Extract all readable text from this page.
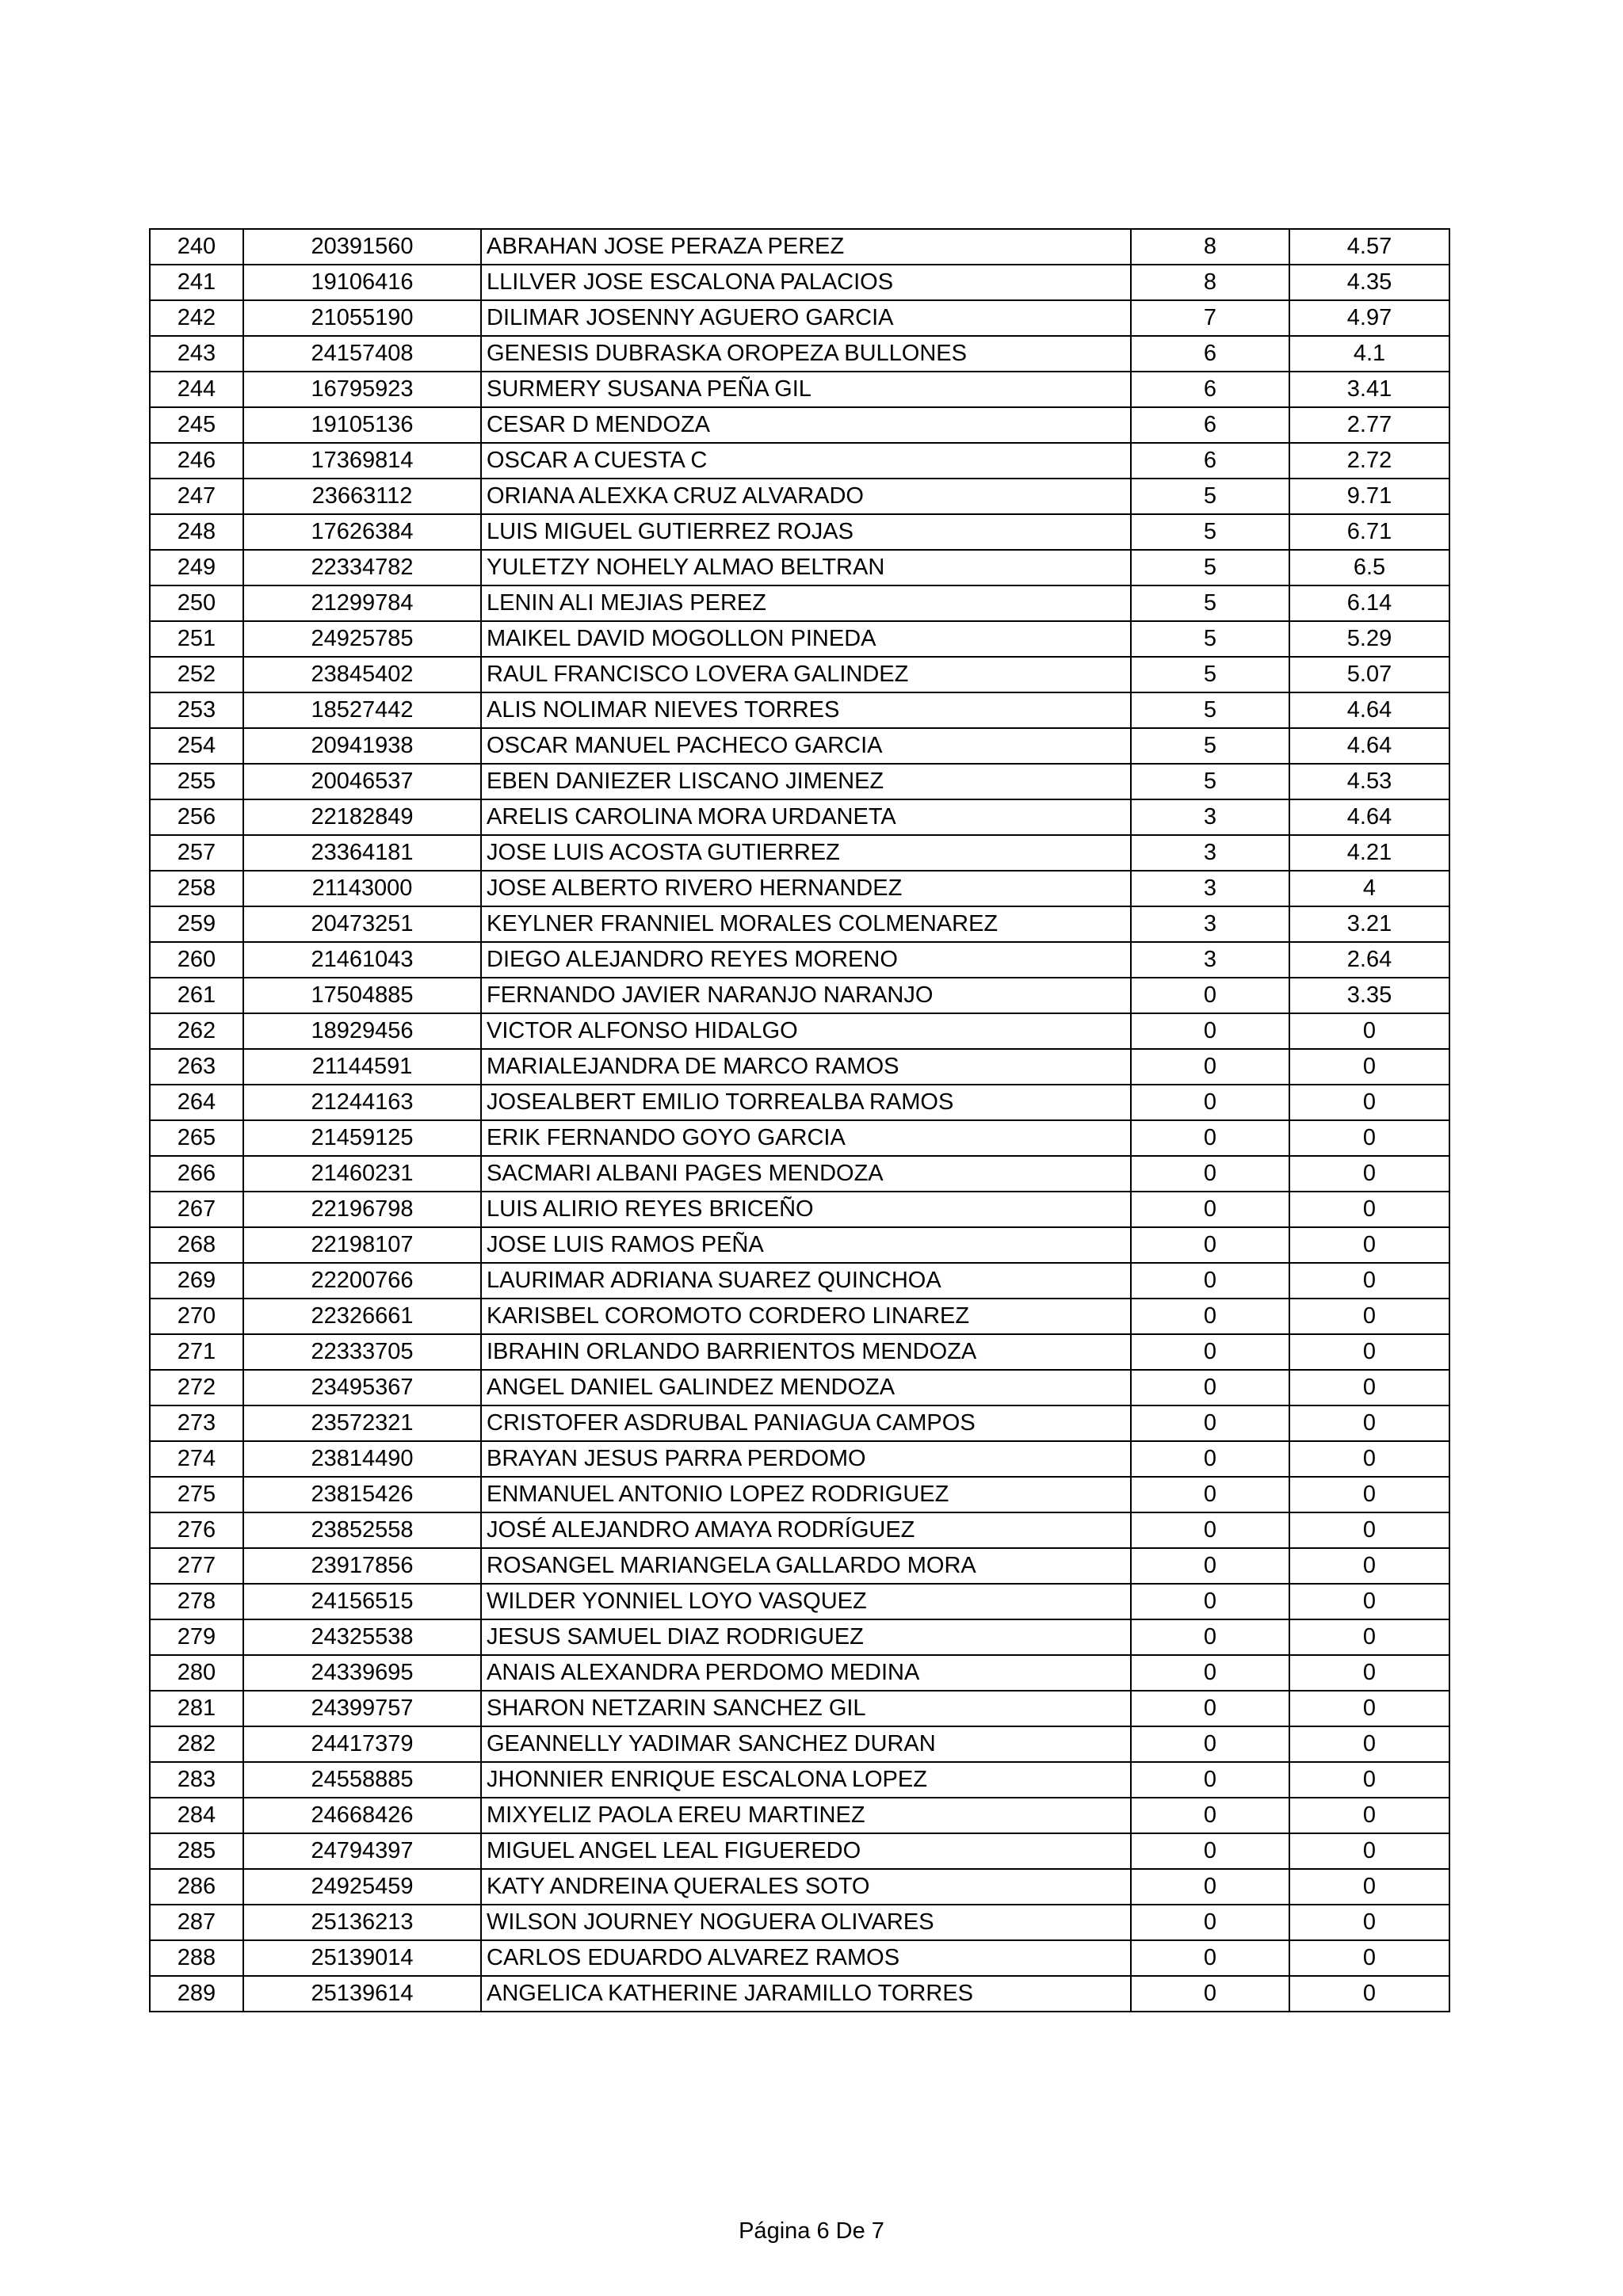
240	20391560	ABRAHAN JOSE PERAZA PEREZ	8	4.57
241	19106416	LLILVER JOSE ESCALONA PALACIOS	8	4.35
242	21055190	DILIMAR JOSENNY AGUERO GARCIA	7	4.97
243	24157408	GENESIS DUBRASKA OROPEZA BULLONES	6	4.1
244	16795923	SURMERY SUSANA PEÑA GIL	6	3.41
245	19105136	CESAR D MENDOZA	6	2.77
246	17369814	OSCAR A CUESTA C	6	2.72
247	23663112	ORIANA ALEXKA CRUZ ALVARADO	5	9.71
248	17626384	LUIS MIGUEL GUTIERREZ ROJAS	5	6.71
249	22334782	YULETZY NOHELY ALMAO BELTRAN	5	6.5
250	21299784	LENIN ALI MEJIAS PEREZ	5	6.14
251	24925785	MAIKEL DAVID MOGOLLON PINEDA	5	5.29
252	23845402	RAUL FRANCISCO LOVERA GALINDEZ	5	5.07
253	18527442	ALIS NOLIMAR NIEVES TORRES	5	4.64
254	20941938	OSCAR MANUEL PACHECO GARCIA	5	4.64
255	20046537	EBEN DANIEZER LISCANO JIMENEZ	5	4.53
256	22182849	ARELIS CAROLINA MORA URDANETA	3	4.64
257	23364181	JOSE LUIS ACOSTA GUTIERREZ	3	4.21
258	21143000	JOSE ALBERTO RIVERO HERNANDEZ	3	4
259	20473251	KEYLNER FRANNIEL MORALES COLMENAREZ	3	3.21
260	21461043	DIEGO ALEJANDRO REYES MORENO	3	2.64
261	17504885	FERNANDO JAVIER NARANJO NARANJO	0	3.35
262	18929456	VICTOR ALFONSO HIDALGO	0	0
263	21144591	MARIALEJANDRA DE MARCO RAMOS	0	0
264	21244163	JOSEALBERT EMILIO TORREALBA RAMOS	0	0
265	21459125	ERIK FERNANDO GOYO GARCIA	0	0
266	21460231	SACMARI ALBANI PAGES MENDOZA	0	0
267	22196798	LUIS ALIRIO REYES BRICEÑO	0	0
268	22198107	JOSE LUIS RAMOS PEÑA	0	0
269	22200766	LAURIMAR ADRIANA SUAREZ QUINCHOA	0	0
270	22326661	KARISBEL COROMOTO CORDERO LINAREZ	0	0
271	22333705	IBRAHIN ORLANDO BARRIENTOS MENDOZA	0	0
272	23495367	ANGEL DANIEL GALINDEZ MENDOZA	0	0
273	23572321	CRISTOFER ASDRUBAL PANIAGUA CAMPOS	0	0
274	23814490	BRAYAN JESUS PARRA PERDOMO	0	0
275	23815426	ENMANUEL ANTONIO LOPEZ RODRIGUEZ	0	0
276	23852558	JOSÉ ALEJANDRO AMAYA RODRÍGUEZ	0	0
277	23917856	ROSANGEL MARIANGELA GALLARDO MORA	0	0
278	24156515	WILDER YONNIEL LOYO VASQUEZ	0	0
279	24325538	JESUS SAMUEL DIAZ RODRIGUEZ	0	0
280	24339695	ANAIS ALEXANDRA PERDOMO MEDINA	0	0
281	24399757	SHARON NETZARIN SANCHEZ GIL	0	0
282	24417379	GEANNELLY YADIMAR SANCHEZ DURAN	0	0
283	24558885	JHONNIER ENRIQUE ESCALONA LOPEZ	0	0
284	24668426	MIXYELIZ PAOLA EREU MARTINEZ	0	0
285	24794397	MIGUEL ANGEL LEAL FIGUEREDO	0	0
286	24925459	KATY ANDREINA QUERALES SOTO	0	0
287	25136213	WILSON JOURNEY NOGUERA OLIVARES	0	0
288	25139014	CARLOS EDUARDO ALVAREZ RAMOS	0	0
289	25139614	ANGELICA KATHERINE JARAMILLO TORRES	0	0
Página 6 De 7
